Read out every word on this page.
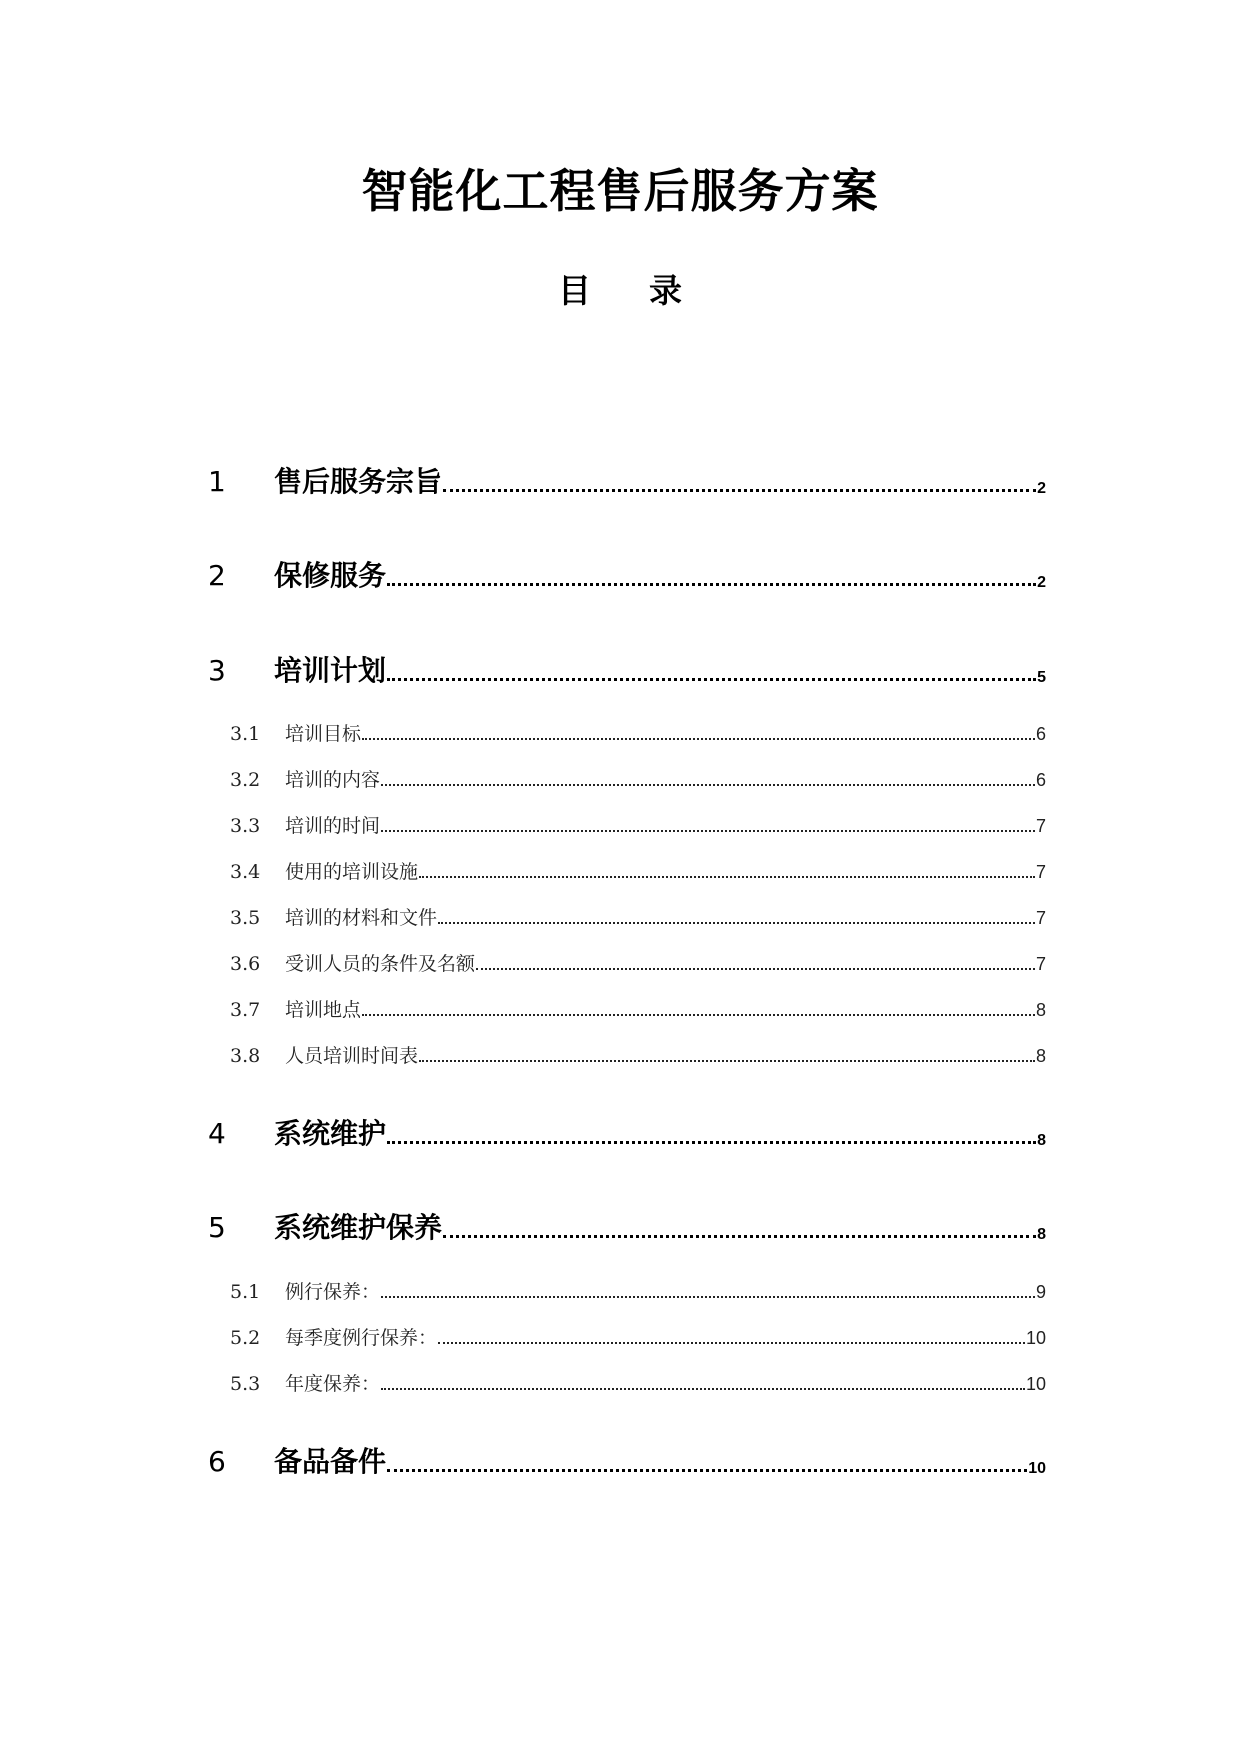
智能化工程售后服务方案
目 录
1	售后服务宗旨	2
2	保修服务	2
3	培训计划	5
3.1	培训目标	6
3.2	培训的内容	6
3.3	培训的时间	7
3.4	使用的培训设施	7
3.5	培训的材料和文件	7
3.6	受训人员的条件及名额	7
3.7	培训地点	8
3.8	人员培训时间表	8
4	系统维护	8
5	系统维护保养	8
5.1	例行保养：	9
5.2	每季度例行保养：	10
5.3	年度保养：	10
6	备品备件	10
